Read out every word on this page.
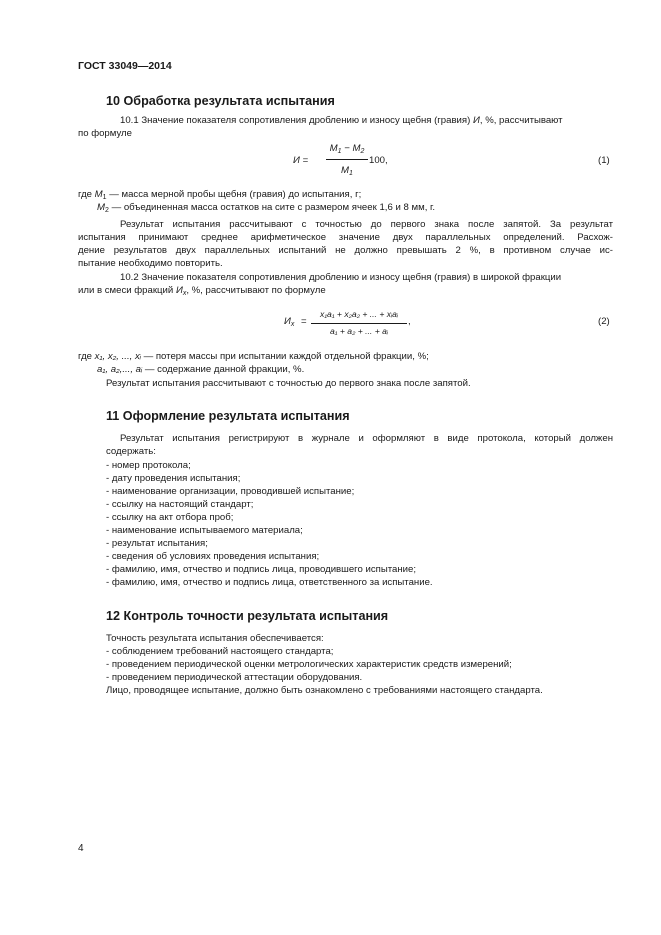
ГОСТ 33049—2014
10 Обработка результата испытания
10.1 Значение показателя сопротивления дроблению и износу щебня (гравия) И, %, рассчитывают
по формуле
И =
$M_1 - M_2$
$M_1$
100,	(1)
где $M_1$ — масса мерной пробы щебня (гравия) до испытания, г;
$M_2$ — объединенная масса остатков на сите с размером ячеек 1,6 и 8 мм, г.
Результат испытания рассчитывают с точностью до первого знака после запятой. За результат
испытания принимают среднее арифметическое значение двух параллельных определений. Расхож-
дение результатов двух параллельных испытаний не должно превышать 2 %, в противном случае ис-
пытание необходимо повторить.
10.2 Значение показателя сопротивления дроблению и износу щебня (гравия) в широкой фракции
или в смеси фракций $И_x$, %, рассчитывают по формуле
$И_x$ =
x₁a₁ + x₂a₂ + ... + xᵢaᵢ
a₁ + a₂ + ... + aᵢ
,	(2)
где x₁, x₂, ..., xᵢ — потеря массы при испытании каждой отдельной фракции, %;
a₁, a₂,..., aᵢ — содержание данной фракции, %.
Результат испытания рассчитывают с точностью до первого знака после запятой.
11 Оформление результата испытания
Результат испытания регистрируют в журнале и оформляют в виде протокола, который должен
содержать:
- номер протокола;
- дату проведения испытания;
- наименование организации, проводившей испытание;
- ссылку на настоящий стандарт;
- ссылку на акт отбора проб;
- наименование испытываемого материала;
- результат испытания;
- сведения об условиях проведения испытания;
- фамилию, имя, отчество и подпись лица, проводившего испытание;
- фамилию, имя, отчество и подпись лица, ответственного за испытание.
12 Контроль точности результата испытания
Точность результата испытания обеспечивается:
- соблюдением требований настоящего стандарта;
- проведением периодической оценки метрологических характеристик средств измерений;
- проведением периодической аттестации оборудования.
Лицо, проводящее испытание, должно быть ознакомлено с требованиями настоящего стандарта.
4
